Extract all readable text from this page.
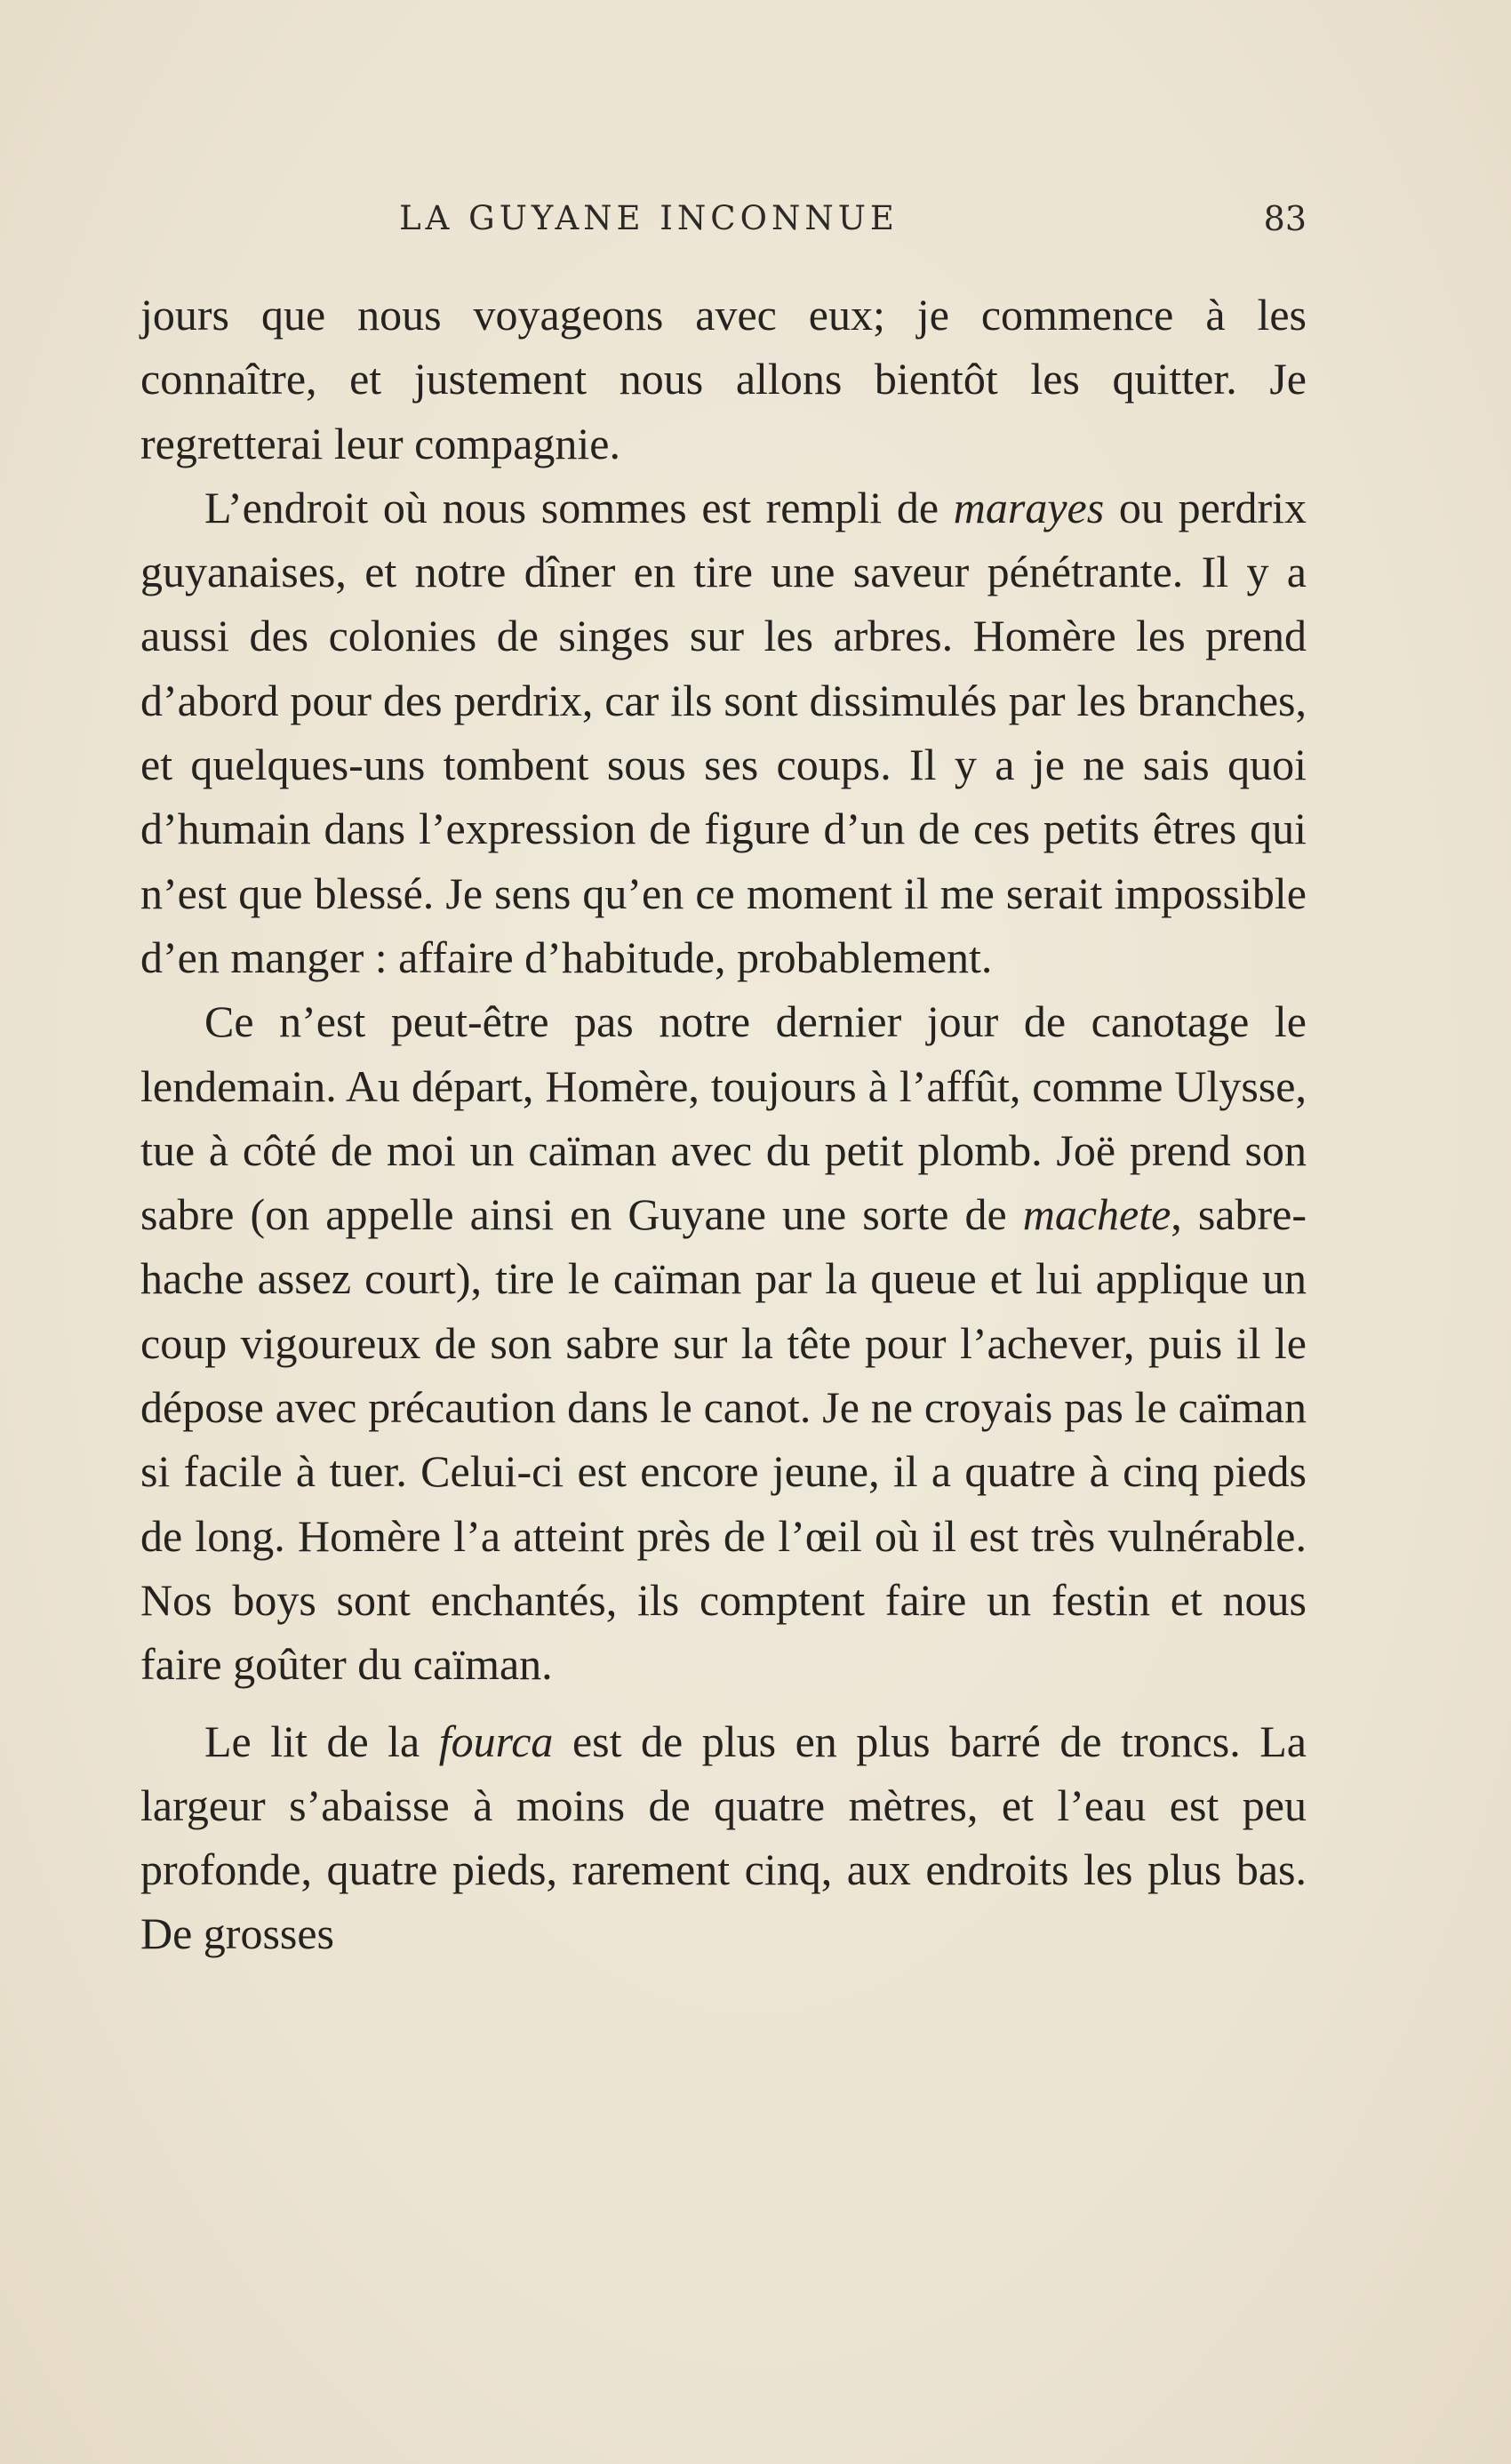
LA GUYANE INCONNUE	83

jours que nous voyageons avec eux; je commence à les connaître, et justement nous allons bientôt les quitter. Je regretterai leur compagnie.

L’endroit où nous sommes est rempli de marayes ou perdrix guyanaises, et notre dîner en tire une saveur pénétrante. Il y a aussi des colonies de singes sur les arbres. Homère les prend d’abord pour des perdrix, car ils sont dissimulés par les branches, et quelques-uns tombent sous ses coups. Il y a je ne sais quoi d’humain dans l’expression de figure d’un de ces petits êtres qui n’est que blessé. Je sens qu’en ce moment il me serait impossible d’en manger : affaire d’habitude, probablement.

Ce n’est peut-être pas notre dernier jour de canotage le lendemain. Au départ, Homère, toujours à l’affût, comme Ulysse, tue à côté de moi un caïman avec du petit plomb. Joë prend son sabre (on appelle ainsi en Guyane une sorte de machete, sabre-hache assez court), tire le caïman par la queue et lui applique un coup vigoureux de son sabre sur la tête pour l’achever, puis il le dépose avec précaution dans le canot. Je ne croyais pas le caïman si facile à tuer. Celui-ci est encore jeune, il a quatre à cinq pieds de long. Homère l’a atteint près de l’œil où il est très vulnérable. Nos boys sont enchantés, ils comptent faire un festin et nous faire goûter du caïman.

Le lit de la fourca est de plus en plus barré de troncs. La largeur s’abaisse à moins de quatre mètres, et l’eau est peu profonde, quatre pieds, rarement cinq, aux endroits les plus bas. De grosses
